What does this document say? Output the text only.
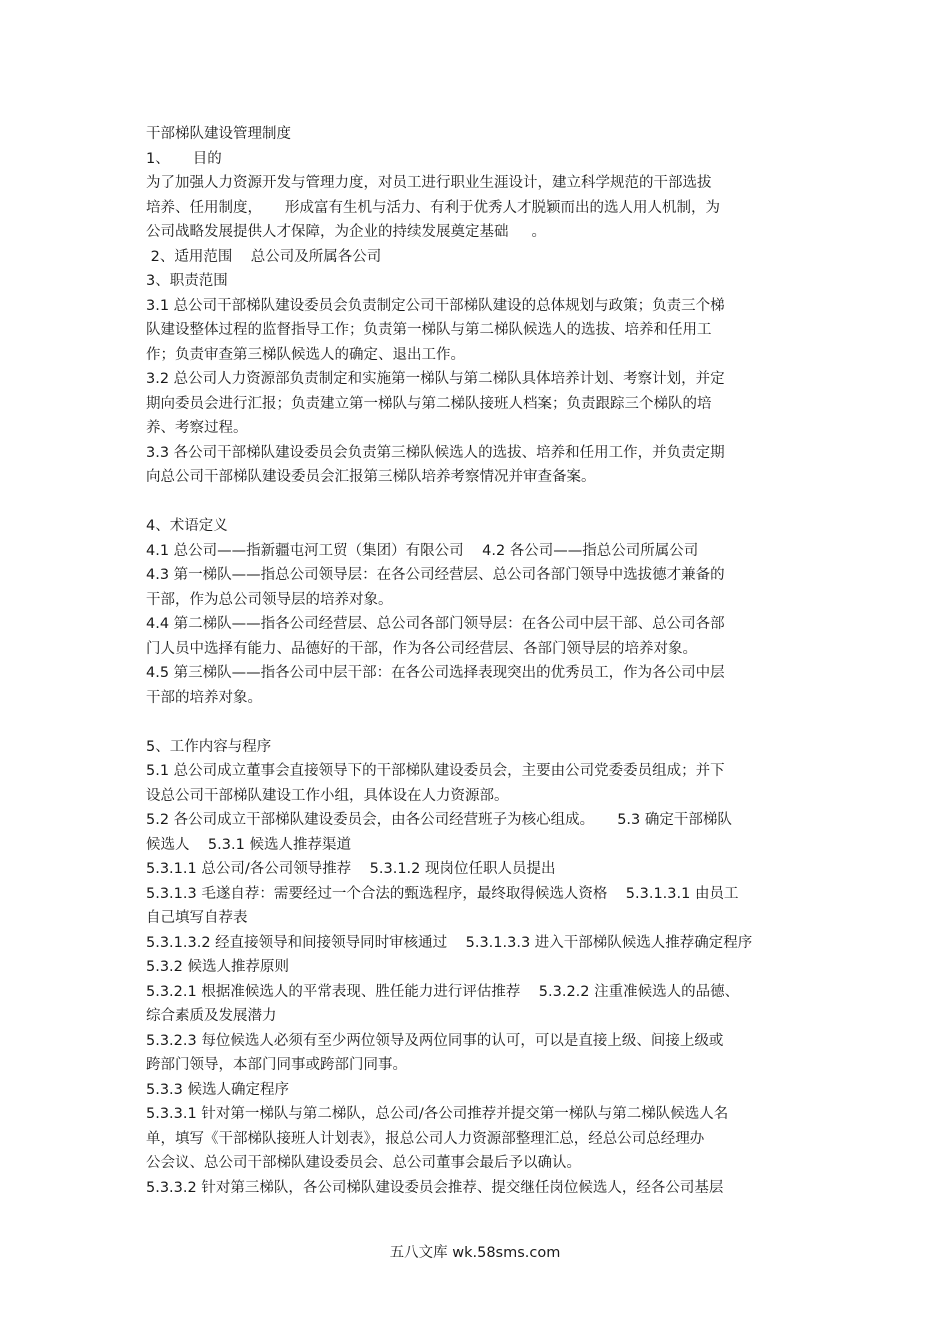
干部梯队建设管理制度
1、     目的
为了加强人力资源开发与管理力度，对员工进行职业生涯设计，建立科学规范的干部选拔
培养、任用制度，     形成富有生机与活力、有利于优秀人才脱颖而出的选人用人机制，为
公司战略发展提供人才保障，为企业的持续发展奠定基础     。
2、适用范围    总公司及所属各公司
3、职责范围
3.1 总公司干部梯队建设委员会负责制定公司干部梯队建设的总体规划与政策；负责三个梯
队建设整体过程的监督指导工作；负责第一梯队与第二梯队候选人的选拔、培养和任用工
作；负责审查第三梯队候选人的确定、退出工作。
3.2 总公司人力资源部负责制定和实施第一梯队与第二梯队具体培养计划、考察计划，并定
期向委员会进行汇报；负责建立第一梯队与第二梯队接班人档案；负责跟踪三个梯队的培
养、考察过程。
3.3 各公司干部梯队建设委员会负责第三梯队候选人的选拔、培养和任用工作，并负责定期
向总公司干部梯队建设委员会汇报第三梯队培养考察情况并审查备案。
4、术语定义
4.1 总公司——指新疆屯河工贸（集团）有限公司    4.2 各公司——指总公司所属公司
4.3 第一梯队——指总公司领导层：在各公司经营层、总公司各部门领导中选拔德才兼备的
干部，作为总公司领导层的培养对象。
4.4 第二梯队——指各公司经营层、总公司各部门领导层：在各公司中层干部、总公司各部
门人员中选择有能力、品德好的干部，作为各公司经营层、各部门领导层的培养对象。
4.5 第三梯队——指各公司中层干部：在各公司选择表现突出的优秀员工，作为各公司中层
干部的培养对象。
5、工作内容与程序
5.1 总公司成立董事会直接领导下的干部梯队建设委员会，主要由公司党委委员组成；并下
设总公司干部梯队建设工作小组，具体设在人力资源部。
5.2 各公司成立干部梯队建设委员会，由各公司经营班子为核心组成。     5.3 确定干部梯队
候选人    5.3.1 候选人推荐渠道
5.3.1.1 总公司/各公司领导推荐    5.3.1.2 现岗位任职人员提出
5.3.1.3 毛遂自荐：需要经过一个合法的甄选程序，最终取得候选人资格    5.3.1.3.1 由员工
自己填写自荐表
5.3.1.3.2 经直接领导和间接领导同时审核通过    5.3.1.3.3 进入干部梯队候选人推荐确定程序
5.3.2 候选人推荐原则
5.3.2.1 根据准候选人的平常表现、胜任能力进行评估推荐    5.3.2.2 注重准候选人的品德、
综合素质及发展潜力
5.3.2.3 每位候选人必须有至少两位领导及两位同事的认可，可以是直接上级、间接上级或
跨部门领导，本部门同事或跨部门同事。
5.3.3 候选人确定程序
5.3.3.1 针对第一梯队与第二梯队，总公司/各公司推荐并提交第一梯队与第二梯队候选人名
单，填写《干部梯队接班人计划表》，报总公司人力资源部整理汇总，经总公司总经理办
公会议、总公司干部梯队建设委员会、总公司董事会最后予以确认。
5.3.3.2 针对第三梯队，各公司梯队建设委员会推荐、提交继任岗位候选人，经各公司基层
五八文库 wk.58sms.com
